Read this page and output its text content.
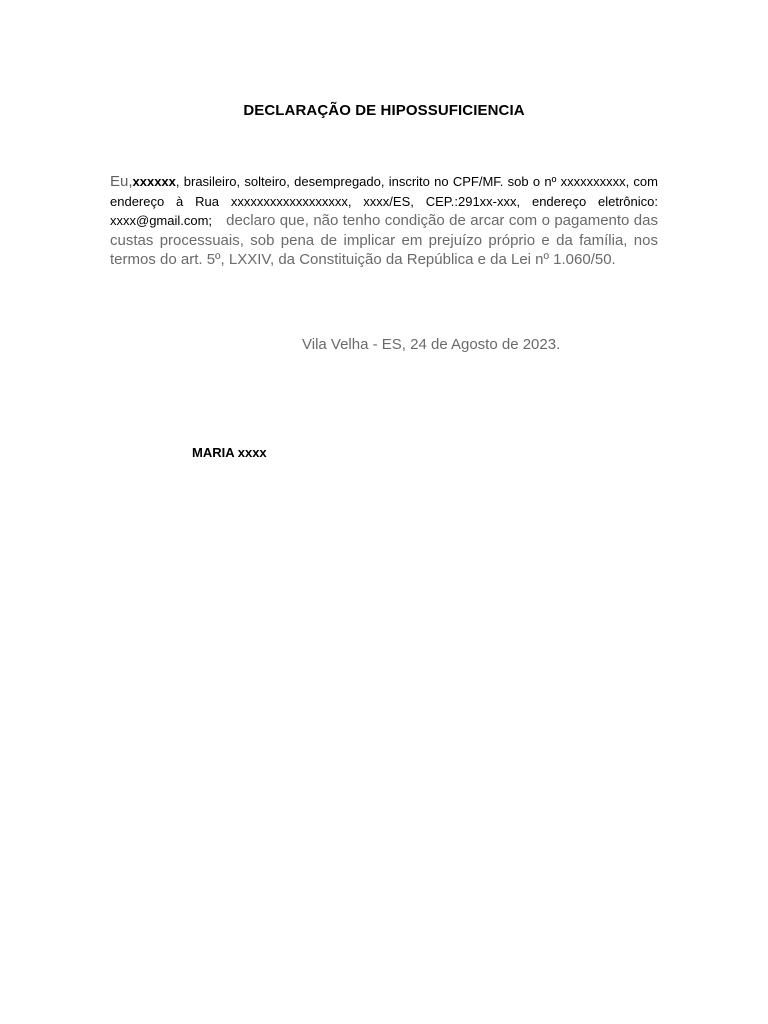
DECLARAÇÃO DE HIPOSSUFICIENCIA

Eu,xxxxxx, brasileiro, solteiro, desempregado, inscrito no CPF/MF. sob o nº xxxxxxxxxx, com endereço à Rua xxxxxxxxxxxxxxxxxx, xxxx/ES, CEP.:291xx-xxx, endereço eletrônico: xxxx@gmail.com; declaro que, não tenho condição de arcar com o pagamento das custas processuais, sob pena de implicar em prejuízo próprio e da família, nos termos do art. 5º, LXXIV, da Constituição da República e da Lei nº 1.060/50.

Vila Velha - ES, 24 de Agosto de 2023.
MARIA xxxx
